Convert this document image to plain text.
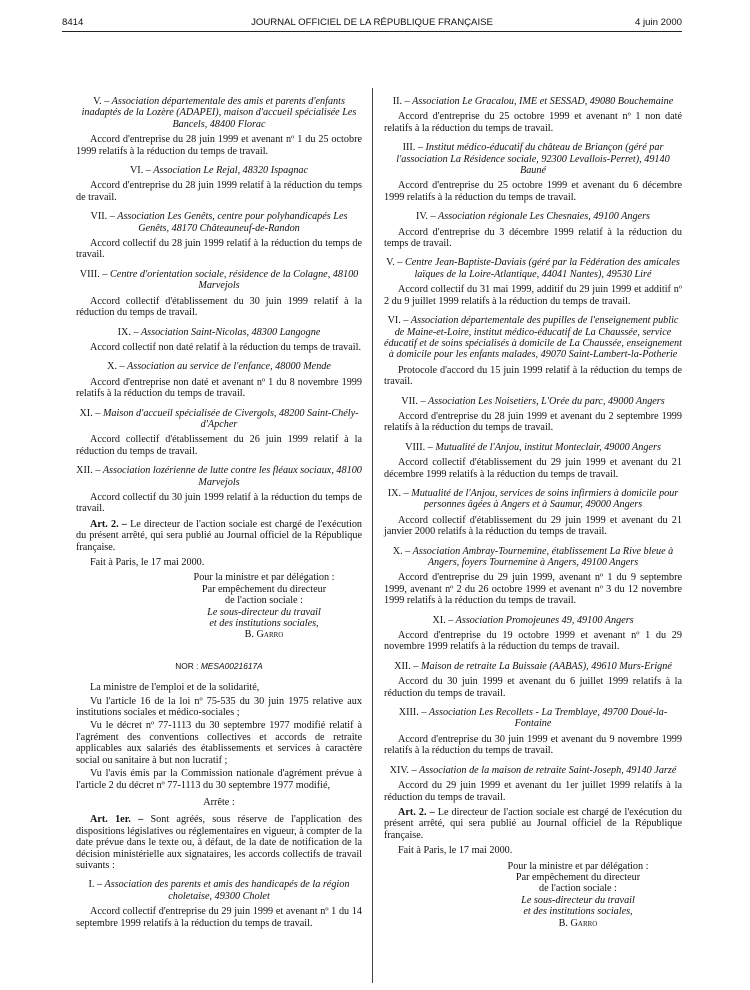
8414	JOURNAL OFFICIEL DE LA RÉPUBLIQUE FRANÇAISE	4 juin 2000
V. – Association départementale des amis et parents d'enfants inadaptés de la Lozère (ADAPEI), maison d'accueil spécialisée Les Bancels, 48400 Florac
Accord d'entreprise du 28 juin 1999 et avenant nº 1 du 25 octobre 1999 relatifs à la réduction du temps de travail.
VI. – Association Le Rejal, 48320 Ispagnac
Accord d'entreprise du 28 juin 1999 relatif à la réduction du temps de travail.
VII. – Association Les Genêts, centre pour polyhandicapés Les Genêts, 48170 Châteauneuf-de-Randon
Accord collectif du 28 juin 1999 relatif à la réduction du temps de travail.
VIII. – Centre d'orientation sociale, résidence de la Colagne, 48100 Marvejols
Accord collectif d'établissement du 30 juin 1999 relatif à la réduction du temps de travail.
IX. – Association Saint-Nicolas, 48300 Langogne
Accord collectif non daté relatif à la réduction du temps de travail.
X. – Association au service de l'enfance, 48000 Mende
Accord d'entreprise non daté et avenant nº 1 du 8 novembre 1999 relatifs à la réduction du temps de travail.
XI. – Maison d'accueil spécialisée de Civergols, 48200 Saint-Chély-d'Apcher
Accord collectif d'établissement du 26 juin 1999 relatif à la réduction du temps de travail.
XII. – Association lozérienne de lutte contre les fléaux sociaux, 48100 Marvejols
Accord collectif du 30 juin 1999 relatif à la réduction du temps de travail.
Art. 2. – Le directeur de l'action sociale est chargé de l'exécution du présent arrêté, qui sera publié au Journal officiel de la République française.
Fait à Paris, le 17 mai 2000.
Pour la ministre et par délégation :
Par empêchement du directeur
de l'action sociale :
Le sous-directeur du travail
et des institutions sociales,
B. Garro
NOR : MESA0021617A
La ministre de l'emploi et de la solidarité,
Vu l'article 16 de la loi nº 75-535 du 30 juin 1975 relative aux institutions sociales et médico-sociales ;
Vu le décret nº 77-1113 du 30 septembre 1977 modifié relatif à l'agrément des conventions collectives et accords de retraite applicables aux salariés des établissements et services à caractère social ou sanitaire à but non lucratif ;
Vu l'avis émis par la Commission nationale d'agrément prévue à l'article 2 du décret nº 77-1113 du 30 septembre 1977 modifié,
Arrête :
Art. 1er. – Sont agréés, sous réserve de l'application des dispositions législatives ou réglementaires en vigueur, à compter de la date prévue dans le texte ou, à défaut, de la date de notification de la décision ministérielle aux signataires, les accords collectifs de travail suivants :
I. – Association des parents et amis des handicapés de la région choletaise, 49300 Cholet
Accord collectif d'entreprise du 29 juin 1999 et avenant nº 1 du 14 septembre 1999 relatifs à la réduction du temps de travail.
II. – Association Le Gracalou, IME et SESSAD, 49080 Bouchemaine
Accord d'entreprise du 25 octobre 1999 et avenant nº 1 non daté relatifs à la réduction du temps de travail.
III. – Institut médico-éducatif du château de Briançon (géré par l'association La Résidence sociale, 92300 Levallois-Perret), 49140 Bauné
Accord d'entreprise du 25 octobre 1999 et avenant du 6 décembre 1999 relatifs à la réduction du temps de travail.
IV. – Association régionale Les Chesnaies, 49100 Angers
Accord d'entreprise du 3 décembre 1999 relatif à la réduction du temps de travail.
V. – Centre Jean-Baptiste-Daviais (géré par la Fédération des amicales laïques de la Loire-Atlantique, 44041 Nantes), 49530 Liré
Accord collectif du 31 mai 1999, additif du 29 juin 1999 et additif nº 2 du 9 juillet 1999 relatifs à la réduction du temps de travail.
VI. – Association départementale des pupilles de l'enseignement public de Maine-et-Loire, institut médico-éducatif de La Chaussée, service éducatif et de soins spécialisés à domicile de La Chaussée, enseignement à domicile pour les enfants malades, 49070 Saint-Lambert-la-Potherie
Protocole d'accord du 15 juin 1999 relatif à la réduction du temps de travail.
VII. – Association Les Noisetiers, L'Orée du parc, 49000 Angers
Accord d'entreprise du 28 juin 1999 et avenant du 2 septembre 1999 relatifs à la réduction du temps de travail.
VIII. – Mutualité de l'Anjou, institut Monteclair, 49000 Angers
Accord collectif d'établissement du 29 juin 1999 et avenant du 21 décembre 1999 relatifs à la réduction du temps de travail.
IX. – Mutualité de l'Anjou, services de soins infirmiers à domicile pour personnes âgées à Angers et à Saumur, 49000 Angers
Accord collectif d'établissement du 29 juin 1999 et avenant du 21 janvier 2000 relatifs à la réduction du temps de travail.
X. – Association Ambray-Tournemine, établissement La Rive bleue à Angers, foyers Tournemine à Angers, 49100 Angers
Accord d'entreprise du 29 juin 1999, avenant nº 1 du 9 septembre 1999, avenant nº 2 du 26 octobre 1999 et avenant nº 3 du 12 novembre 1999 relatifs à la réduction du temps de travail.
XI. – Association Promojeunes 49, 49100 Angers
Accord d'entreprise du 19 octobre 1999 et avenant nº 1 du 29 novembre 1999 relatifs à la réduction du temps de travail.
XII. – Maison de retraite La Buissaie (AABAS), 49610 Murs-Erigné
Accord du 30 juin 1999 et avenant du 6 juillet 1999 relatifs à la réduction du temps de travail.
XIII. – Association Les Recollets - La Tremblaye, 49700 Doué-la-Fontaine
Accord d'entreprise du 30 juin 1999 et avenant du 9 novembre 1999 relatifs à la réduction du temps de travail.
XIV. – Association de la maison de retraite Saint-Joseph, 49140 Jarzé
Accord du 29 juin 1999 et avenant du 1er juillet 1999 relatifs à la réduction du temps de travail.
Art. 2. – Le directeur de l'action sociale est chargé de l'exécution du présent arrêté, qui sera publié au Journal officiel de la République française.
Fait à Paris, le 17 mai 2000.
Pour la ministre et par délégation :
Par empêchement du directeur
de l'action sociale :
Le sous-directeur du travail
et des institutions sociales,
B. Garro
